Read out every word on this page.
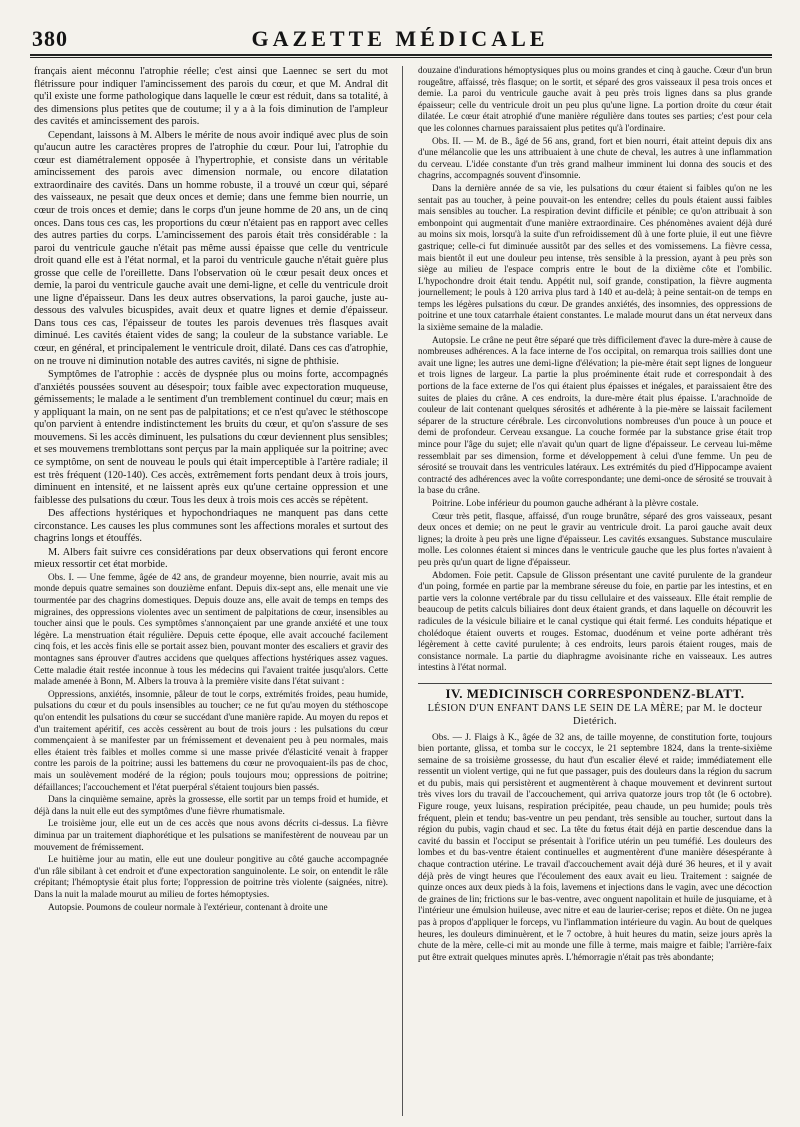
380	GAZETTE MÉDICALE

français aient méconnu l'atrophie réelle; c'est ainsi que Laennec se sert du mot flétrissure pour indiquer l'amincissement des parois du cœur, et que M. Andral dit qu'il existe une forme pathologique dans laquelle le cœur est réduit, dans sa totalité, à des dimensions plus petites que de coutume; il y a à la fois diminution de l'ampleur des cavités et amincissement des parois.

Cependant, laissons à M. Albers le mérite de nous avoir indiqué avec plus de soin qu'aucun autre les caractères propres de l'atrophie du cœur. Pour lui, l'atrophie du cœur est diamétralement opposée à l'hypertrophie, et consiste dans un véritable amincissement des parois avec dimension normale, ou encore dilatation extraordinaire des cavités. Dans un homme robuste, il a trouvé un cœur qui, séparé des vaisseaux, ne pesait que deux onces et demie; dans une femme bien nourrie, un cœur de trois onces et demie; dans le corps d'un jeune homme de 20 ans, un de cinq onces. Dans tous ces cas, les proportions du cœur n'étaient pas en rapport avec celles des autres parties du corps. L'amincissement des parois était très considérable : la paroi du ventricule gauche n'était pas même aussi épaisse que celle du ventricule droit quand elle est à l'état normal, et la paroi du ventricule gauche n'était guère plus grosse que celle de l'oreillette. Dans l'observation où le cœur pesait deux onces et demie, la paroi du ventricule gauche avait une demi-ligne, et celle du ventricule droit une ligne d'épaisseur. Dans les deux autres observations, la paroi gauche, juste au-dessous des valvules bicuspides, avait deux et quatre lignes et demie d'épaisseur. Dans tous ces cas, l'épaisseur de toutes les parois devenues très flasques avait diminué. Les cavités étaient vides de sang; la couleur de la substance variable. Le cœur, en général, et principalement le ventricule droit, dilaté. Dans ces cas d'atrophie, on ne trouve ni diminution notable des autres cavités, ni signe de phthisie.

Symptômes de l'atrophie : accès de dyspnée plus ou moins forte, accompagnés d'anxiétés poussées souvent au désespoir; toux faible avec expectoration muqueuse, gémissements; le malade a le sentiment d'un tremblement continuel du cœur; mais en y appliquant la main, on ne sent pas de palpitations; et ce n'est qu'avec le stéthoscope qu'on parvient à entendre indistinctement les bruits du cœur, et qu'on s'assure de ses mouvemens. Si les accès diminuent, les pulsations du cœur deviennent plus sensibles; et ses mouvemens tremblottans sont perçus par la main appliquée sur la poitrine; avec ce symptôme, on sent de nouveau le pouls qui était imperceptible à l'artère radiale; il est très fréquent (120-140). Ces accès, extrêmement forts pendant deux à trois jours, diminuent en intensité, et ne laissent après eux qu'une certaine oppression et une faiblesse des pulsations du cœur. Tous les deux à trois mois ces accès se répètent.

Des affections hystériques et hypochondriaques ne manquent pas dans cette circonstance. Les causes les plus communes sont les affections morales et surtout des chagrins longs et étouffés.

M. Albers fait suivre ces considérations par deux observations qui feront encore mieux ressortir cet état morbide.

Obs. I. — Une femme, âgée de 42 ans, de grandeur moyenne, bien nourrie, avait mis au monde depuis quatre semaines son douzième enfant. Depuis dix-sept ans, elle menait une vie tourmentée par des chagrins domestiques. Depuis douze ans, elle avait de temps en temps des migraines, des oppressions violentes avec un sentiment de palpitations de cœur, insensibles au toucher ainsi que le pouls. Ces symptômes s'annonçaient par une grande anxiété et une toux légère. La menstruation était régulière. Depuis cette époque, elle avait accouché facilement cinq fois, et les accès finis elle se portait assez bien, pouvant monter des escaliers et gravir des montagnes sans éprouver d'autres accidens que quelques affections hystériques assez vagues. Cette maladie était restée inconnue à tous les médecins qui l'avaient traitée jusqu'alors. Cette malade amenée à Bonn, M. Albers la trouva à la première visite dans l'état suivant :

Oppressions, anxiétés, insomnie, pâleur de tout le corps, extrémités froides, peau humide, pulsations du cœur et du pouls insensibles au toucher; ce ne fut qu'au moyen du stéthoscope qu'on entendit les pulsations du cœur se succédant d'une manière rapide. Au moyen du repos et d'un traitement apéritif, ces accès cessèrent au bout de trois jours : les pulsations du cœur commençaient à se manifester par un frémissement et devenaient peu à peu normales, mais elles étaient très faibles et molles comme si une masse privée d'élasticité venait à frapper contre les parois de la poitrine; aussi les battemens du cœur ne provoquaient-ils pas de choc, mais un soulèvement modéré de la région; pouls toujours mou; oppressions de poitrine; défaillances; l'accouchement et l'état puerpéral s'étaient toujours bien passés.

Dans la cinquième semaine, après la grossesse, elle sortit par un temps froid et humide, et déjà dans la nuit elle eut des symptômes d'une fièvre rhumatismale.

Le troisième jour, elle eut un de ces accès que nous avons décrits ci-dessus. La fièvre diminua par un traitement diaphorétique et les pulsations se manifestèrent de nouveau par un mouvement de frémissement.

Le huitième jour au matin, elle eut une douleur pongitive au côté gauche accompagnée d'un râle sibilant à cet endroit et d'une expectoration sanguinolente. Le soir, on entendit le râle crépitant; l'hémoptysie était plus forte; l'oppression de poitrine très violente (saignées, nitre). Dans la nuit la malade mourut au milieu de fortes hémoptysies.

Autopsie. Poumons de couleur normale à l'extérieur, contenant à droite une

douzaine d'indurations hémoptysiques plus ou moins grandes et cinq à gauche. Cœur d'un brun rougeâtre, affaissé, très flasque; on le sortit, et séparé des gros vaisseaux il pesa trois onces et demie. La paroi du ventricule gauche avait à peu près trois lignes dans sa plus grande épaisseur; celle du ventricule droit un peu plus qu'une ligne. La portion droite du cœur était dilatée. Le cœur était atrophié d'une manière régulière dans toutes ses parties; c'est pour cela que les colonnes charnues paraissaient plus petites qu'à l'ordinaire.

Obs. II. — M. de B., âgé de 56 ans, grand, fort et bien nourri, était atteint depuis dix ans d'une mélancolie que les uns attribuaient à une chute de cheval, les autres à une inflammation du cerveau. L'idée constante d'un très grand malheur imminent lui donna des soucis et des chagrins, accompagnés souvent d'insomnie.

Dans la dernière année de sa vie, les pulsations du cœur étaient si faibles qu'on ne les sentait pas au toucher, à peine pouvait-on les entendre; celles du pouls étaient aussi faibles mais sensibles au toucher. La respiration devint difficile et pénible; ce qu'on attribuait à son embonpoint qui augmentait d'une manière extraordinaire. Ces phénomènes avaient déjà duré au moins six mois, lorsqu'à la suite d'un refroidissement dû à une forte pluie, il eut une fièvre gastrique; celle-ci fut diminuée aussitôt par des selles et des vomissemens. La fièvre cessa, mais bientôt il eut une douleur peu intense, très sensible à la pression, ayant à peu près son siège au milieu de l'espace compris entre le bout de la dixième côte et l'ombilic. L'hypochondre droit était tendu. Appétit nul, soif grande, constipation, la fièvre augmenta journellement; le pouls à 120 arriva plus tard à 140 et au-delà; à peine sentait-on de temps en temps les légères pulsations du cœur. De grandes anxiétés, des insomnies, des oppressions de poitrine et une toux catarrhale étaient constantes. Le malade mourut dans un état nerveux dans la sixième semaine de la maladie.

Autopsie. Le crâne ne peut être séparé que très difficilement d'avec la dure-mère à cause de nombreuses adhérences. A la face interne de l'os occipital, on remarqua trois saillies dont une avait une ligne; les autres une demi-ligne d'élévation; la pie-mère était sept lignes de longueur et trois lignes de largeur. La partie la plus proéminente était rude et correspondait à des portions de la face externe de l'os qui étaient plus épaisses et inégales, et paraissaient être des suites de plaies du crâne. A ces endroits, la dure-mère était plus épaisse. L'arachnoïde de couleur de lait contenant quelques sérosités et adhérente à la pie-mère se laissait facilement séparer de la structure cérébrale. Les circonvolutions nombreuses d'un pouce à un pouce et demi de profondeur. Cerveau exsangue. La couche formée par la substance grise était trop mince pour l'âge du sujet; elle n'avait qu'un quart de ligne d'épaisseur. Le cerveau lui-même ressemblait par ses dimension, forme et développement à celui d'une femme. Un peu de sérosité se trouvait dans les ventricules latéraux. Les extrémités du pied d'Hippocampe avaient contracté des adhérences avec la voûte correspondante; une demi-once de sérosité se trouvait à la base du crâne.

Poitrine. Lobe inférieur du poumon gauche adhérant à la plèvre costale.

Cœur très petit, flasque, affaissé, d'un rouge brunâtre, séparé des gros vaisseaux, pesant deux onces et demie; on ne peut le gravir au ventricule droit. La paroi gauche avait deux lignes; la droite à peu près une ligne d'épaisseur. Les cavités exsangues. Substance musculaire molle. Les colonnes étaient si minces dans le ventricule gauche que les plus fortes n'avaient à peu près qu'un quart de ligne d'épaisseur.

Abdomen. Foie petit. Capsule de Glisson présentant une cavité purulente de la grandeur d'un poing, formée en partie par la membrane séreuse du foie, en partie par les intestins, et en partie vers la colonne vertébrale par du tissu cellulaire et des vaisseaux. Elle était remplie de beaucoup de petits calculs biliaires dont deux étaient grands, et dans laquelle on découvrit les radicules de la vésicule biliaire et le canal cystique qui était fermé. Les conduits hépatique et cholédoque étaient ouverts et rouges. Estomac, duodénum et veine porte adhérant très légèrement à cette cavité purulente; à ces endroits, leurs parois étaient rouges, mais de consistance normale. La partie du diaphragme avoisinante riche en vaisseaux. Les autres intestins à l'état normal.

IV. MEDICINISCH CORRESPONDENZ-BLATT.
LÉSION D'UN ENFANT DANS LE SEIN DE LA MÈRE; par M. le docteur Dietérich.

Obs. — J. Flaigs à K., âgée de 32 ans, de taille moyenne, de constitution forte, toujours bien portante, glissa, et tomba sur le coccyx, le 21 septembre 1824, dans la trente-sixième semaine de sa troisième grossesse, du haut d'un escalier élevé et raide; immédiatement elle ressentit un violent vertige, qui ne fut que passager, puis des douleurs dans la région du sacrum et du pubis, mais qui persistèrent et augmentèrent à chaque mouvement et devinrent surtout très vives lors du travail de l'accouchement, qui arriva quatorze jours trop tôt (le 6 octobre). Figure rouge, yeux luisans, respiration précipitée, peau chaude, un peu humide; pouls très fréquent, plein et tendu; bas-ventre un peu pendant, très sensible au toucher, surtout dans la région du pubis, vagin chaud et sec. La tête du fœtus était déjà en partie descendue dans la cavité du bassin et l'occiput se présentait à l'orifice utérin un peu tuméfié. Les douleurs des lombes et du bas-ventre étaient continuelles et augmentèrent d'une manière désespérante à chaque contraction utérine. Le travail d'accouchement avait déjà duré 36 heures, et il y avait déjà près de vingt heures que l'écoulement des eaux avait eu lieu. Traitement : saignée de quinze onces aux deux pieds à la fois, lavemens et injections dans le vagin, avec une décoction de graines de lin; frictions sur le bas-ventre, avec onguent napolitain et huile de jusquiame, et à l'intérieur une émulsion huileuse, avec nitre et eau de laurier-cerise; repos et diète. On ne jugea pas à propos d'appliquer le forceps, vu l'inflammation intérieure du vagin. Au bout de quelques heures, les douleurs diminuèrent, et le 7 octobre, à huit heures du matin, seize jours après la chute de la mère, celle-ci mit au monde une fille à terme, mais maigre et faible; l'arrière-faix put être extrait quelques minutes après. L'hémorragie n'était pas très abondante;
